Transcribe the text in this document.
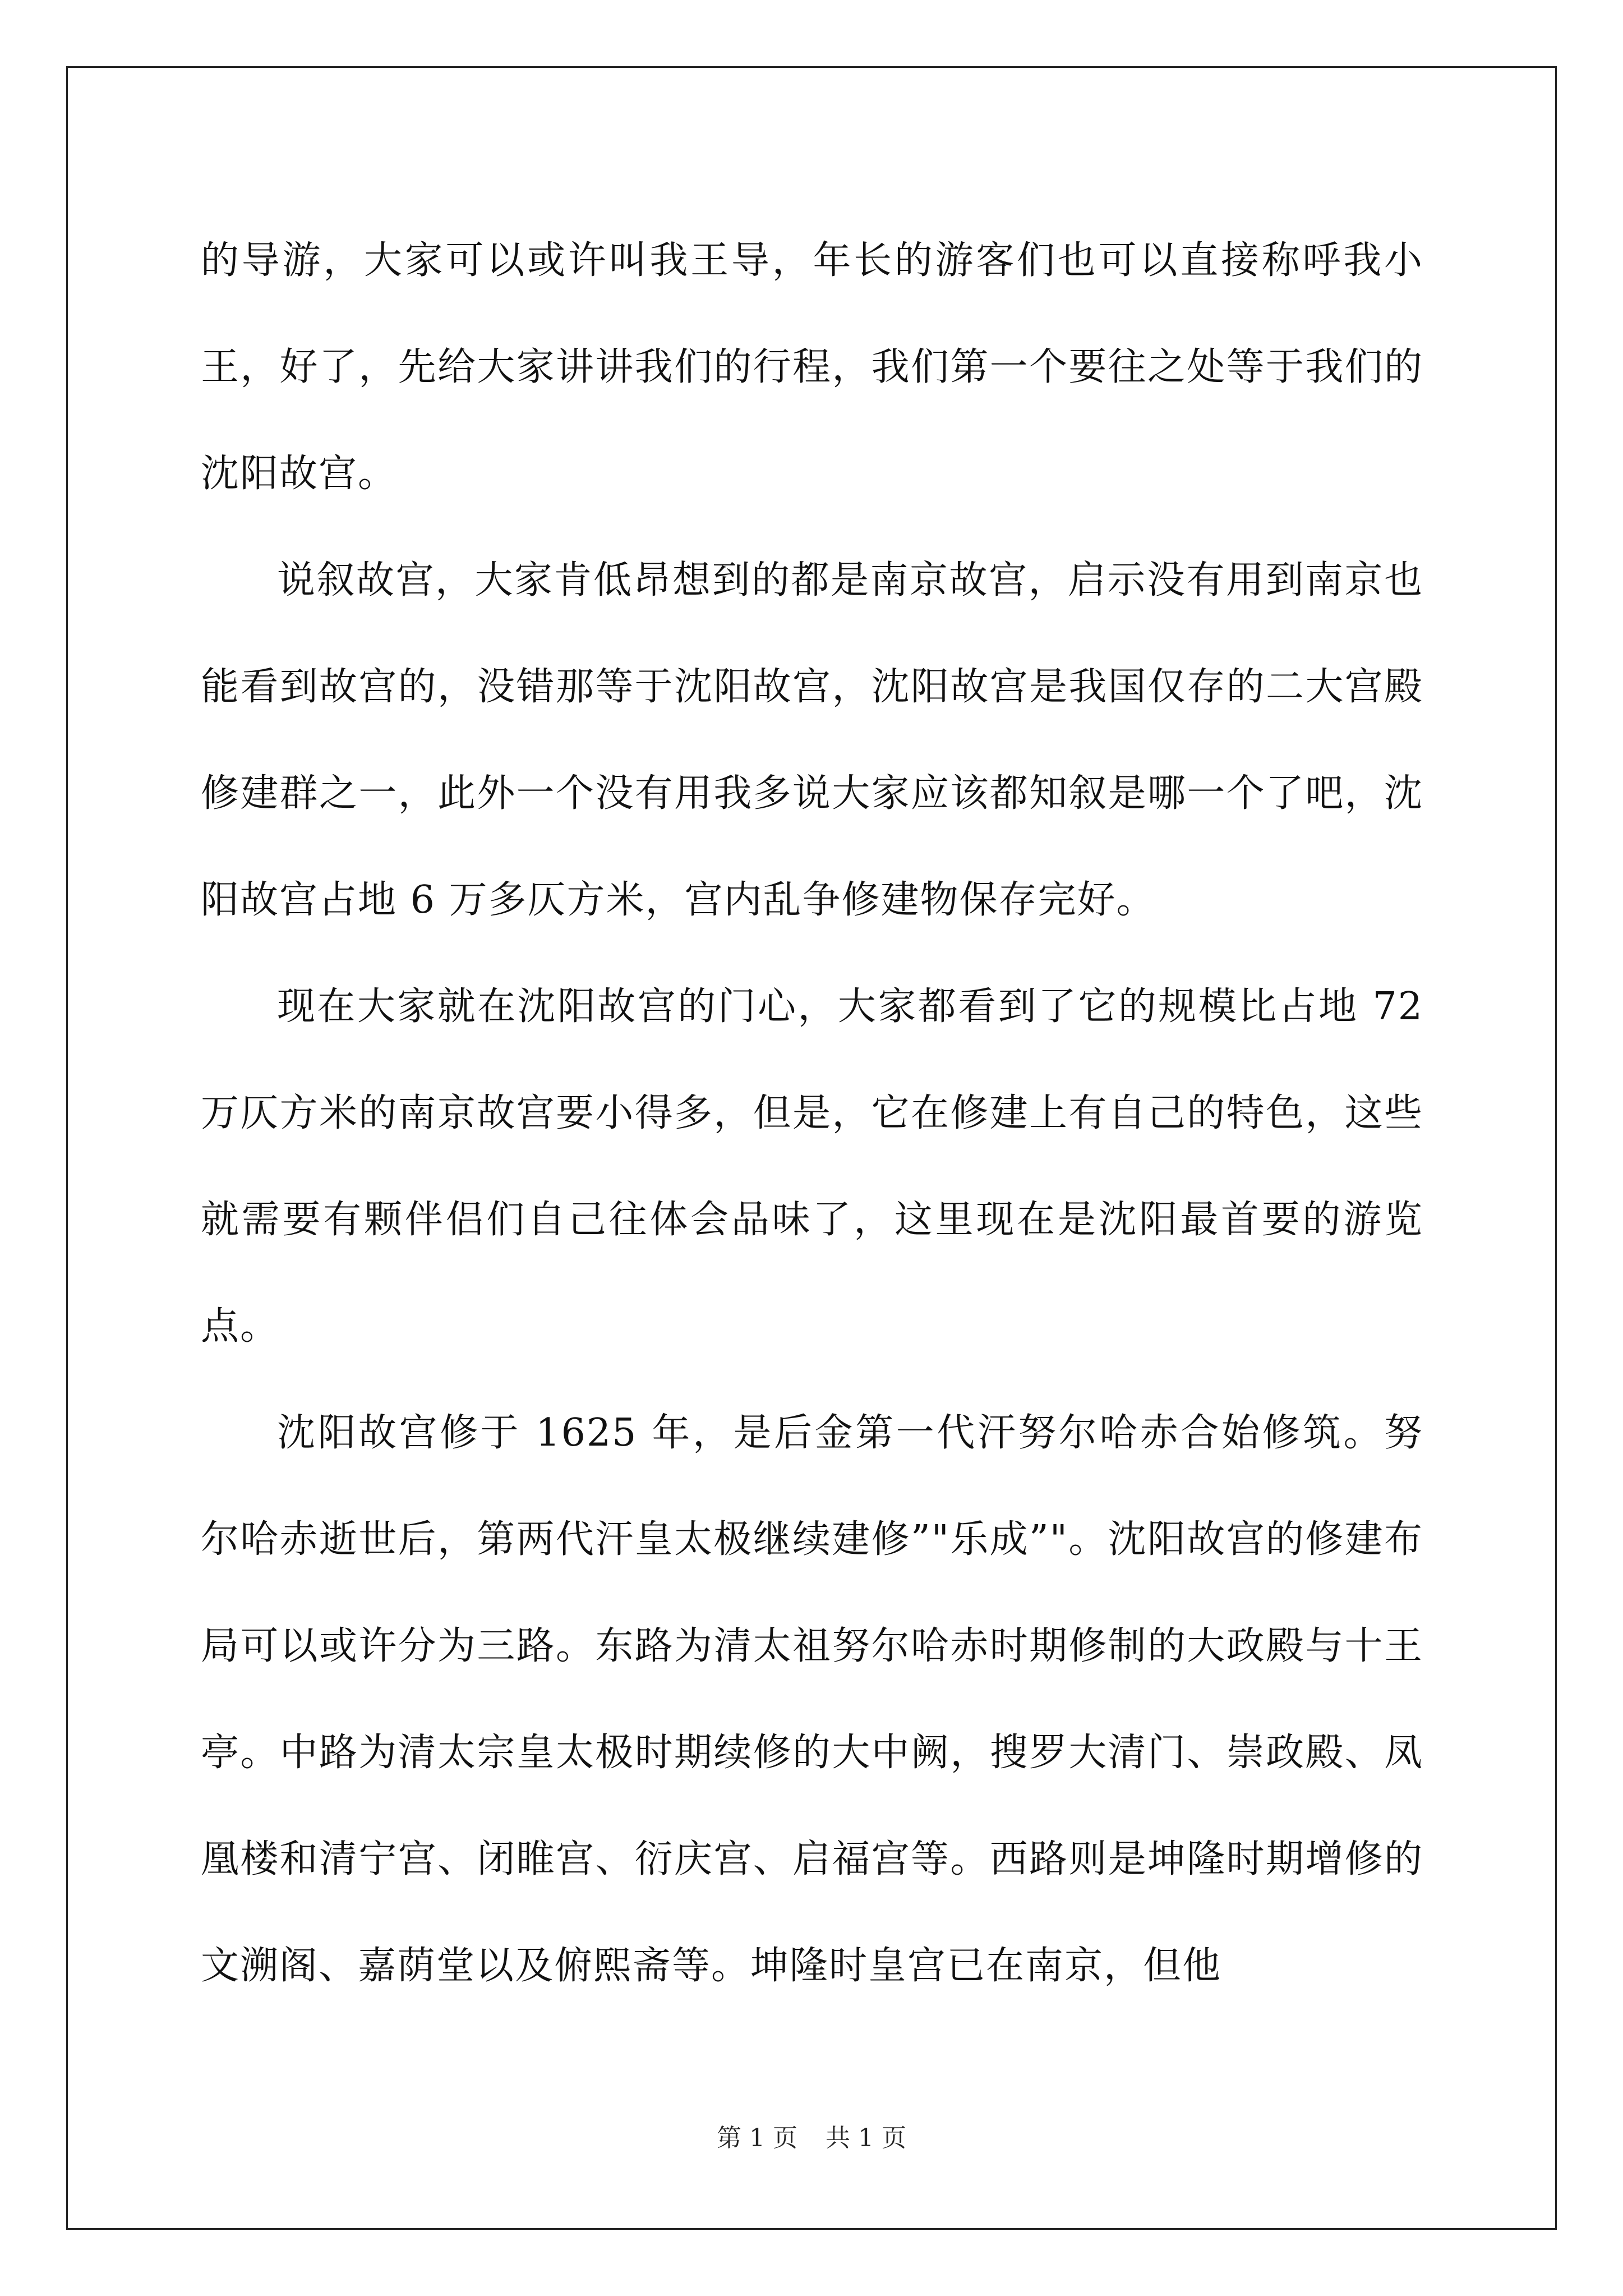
的导游，大家可以或许叫我王导，年长的游客们也可以直接称呼我小王，好了，先给大家讲讲我们的行程，我们第一个要往之处等于我们的沈阳故宫。

说叙故宫，大家肯低昂想到的都是南京故宫，启示没有用到南京也能看到故宫的，没错那等于沈阳故宫，沈阳故宫是我国仅存的二大宫殿修建群之一，此外一个没有用我多说大家应该都知叙是哪一个了吧，沈阳故宫占地 6 万多仄方米，宫内乱争修建物保存完好。

现在大家就在沈阳故宫的门心，大家都看到了它的规模比占地 72 万仄方米的南京故宫要小得多，但是，它在修建上有自己的特色，这些就需要有颗伴侣们自己往体会品味了，这里现在是沈阳最首要的游览点。

沈阳故宫修于 1625 年，是后金第一代汗努尔哈赤合始修筑。努尔哈赤逝世后，第两代汗皇太极继续建修”"乐成”"。沈阳故宫的修建布局可以或许分为三路。东路为清太祖努尔哈赤时期修制的大政殿与十王亭。中路为清太宗皇太极时期续修的大中阙，搜罗大清门、崇政殿、凤凰楼和清宁宫、闭睢宫、衍庆宫、启福宫等。西路则是坤隆时期增修的文溯阁、嘉荫堂以及俯熙斋等。坤隆时皇宫已在南京，但他

第 1 页 共 1 页
